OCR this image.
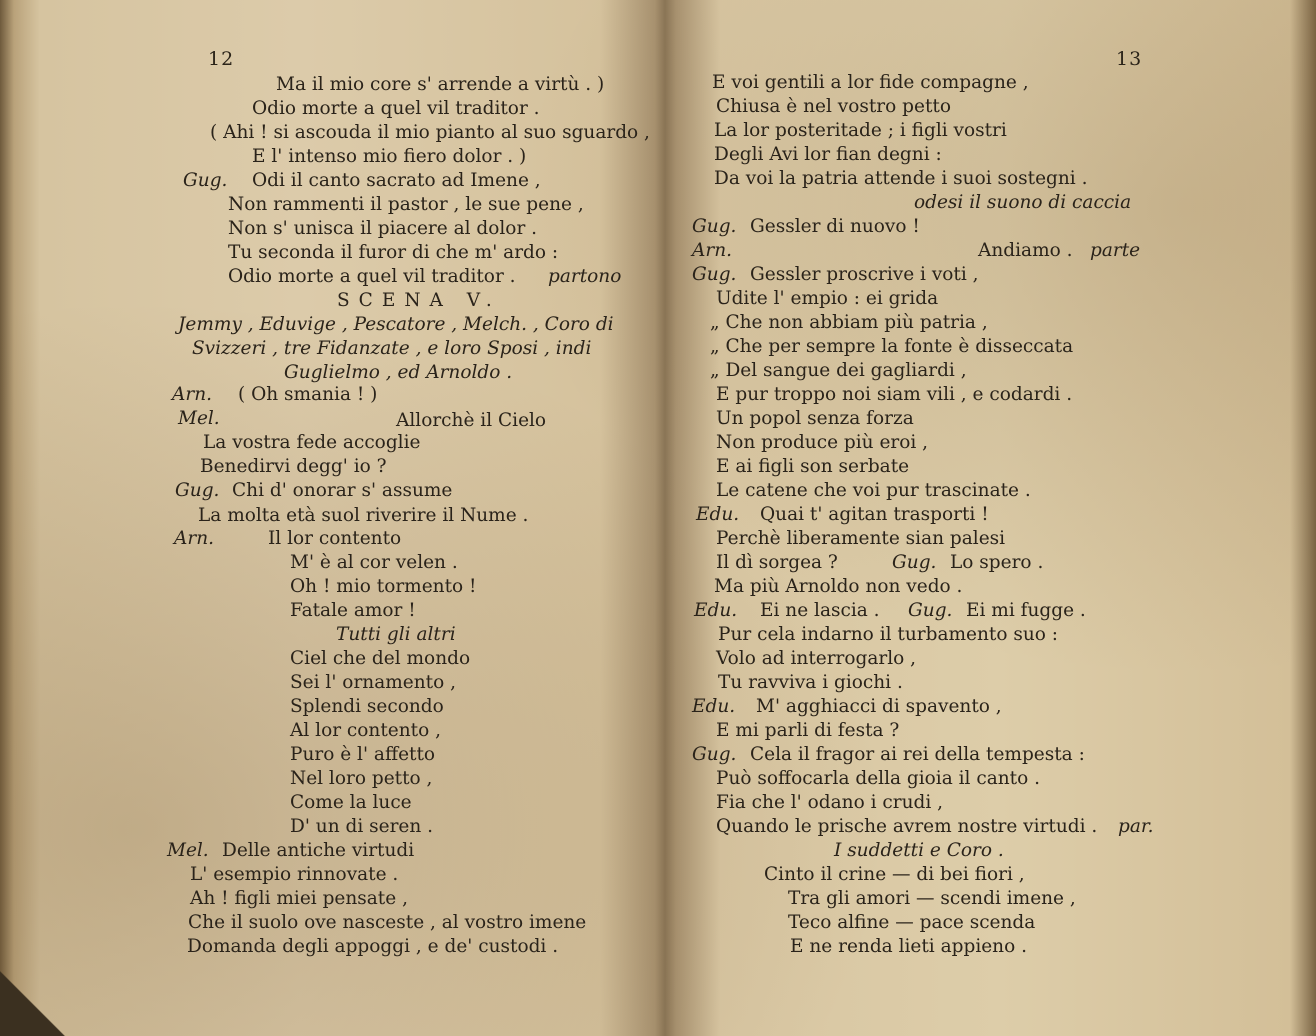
12
Ma il mio core s' arrende a virtù . )
Odio morte a quel vil traditor .
( Ahi ! si ascouda il mio pianto al suo sguardo ,
E l' intenso mio fiero dolor . )
Gug. Odi il canto sacrato ad Imene ,
Non rammenti il pastor , le sue pene ,
Non s' unisca il piacere al dolor .
Tu seconda il furor di che m' ardo :
Odio morte a quel vil traditor . partono
SCENA V.
Jemmy , Eduvige , Pescatore , Melch. , Coro di
Svizzeri , tre Fidanzate , e loro Sposi , indi
Guglielmo , ed Arnoldo .
Arn. ( Oh smania ! )
Mel.	Allorchè il Cielo
La vostra fede accoglie
Benedirvi degg' io ?
Gug. Chi d' onorar s' assume
La molta età suol riverire il Nume .
Arn.	Il lor contento
M' è al cor velen .
Oh ! mio tormento !
Fatale amor !
Tutti gli altri
Ciel che del mondo
Sei l' ornamento ,
Splendi secondo
Al lor contento ,
Puro è l' affetto
Nel loro petto ,
Come la luce
D' un di seren .
Mel. Delle antiche virtudi
L' esempio rinnovate .
Ah ! figli miei pensate ,
Che il suolo ove nasceste , al vostro imene
Domanda degli appoggi , e de' custodi .
13
E voi gentili a lor fide compagne ,
Chiusa è nel vostro petto
La lor posteritade ; i figli vostri
Degli Avi lor fian degni :
Da voi la patria attende i suoi sostegni .
odesi il suono di caccia
Gug. Gessler di nuovo !
Arn.	Andiamo . parte
Gug. Gessler proscrive i voti ,
Udite l' empio : ei grida
„ Che non abbiam più patria ,
„ Che per sempre la fonte è disseccata
„ Del sangue dei gagliardi ,
E pur troppo noi siam vili , e codardi .
Un popol senza forza
Non produce più eroi ,
E ai figli son serbate
Le catene che voi pur trascinate .
Edu. Quai t' agitan trasporti !
Perchè liberamente sian palesi
Il dì sorgea ?	Gug. Lo spero .
Ma più Arnoldo non vedo .
Edu. Ei ne lascia . Gug. Ei mi fugge .
Pur cela indarno il turbamento suo :
Volo ad interrogarlo ,
Tu ravviva i giochi .
Edu. M' agghiacci di spavento ,
E mi parli di festa ?
Gug. Cela il fragor ai rei della tempesta :
Può soffocarla della gioia il canto .
Fia che l' odano i crudi ,
Quando le prische avrem nostre virtudi . par.
I suddetti e Coro .
Cinto il crine — di bei fiori ,
Tra gli amori — scendi imene ,
Teco alfine — pace scenda
E ne renda lieti appieno .
